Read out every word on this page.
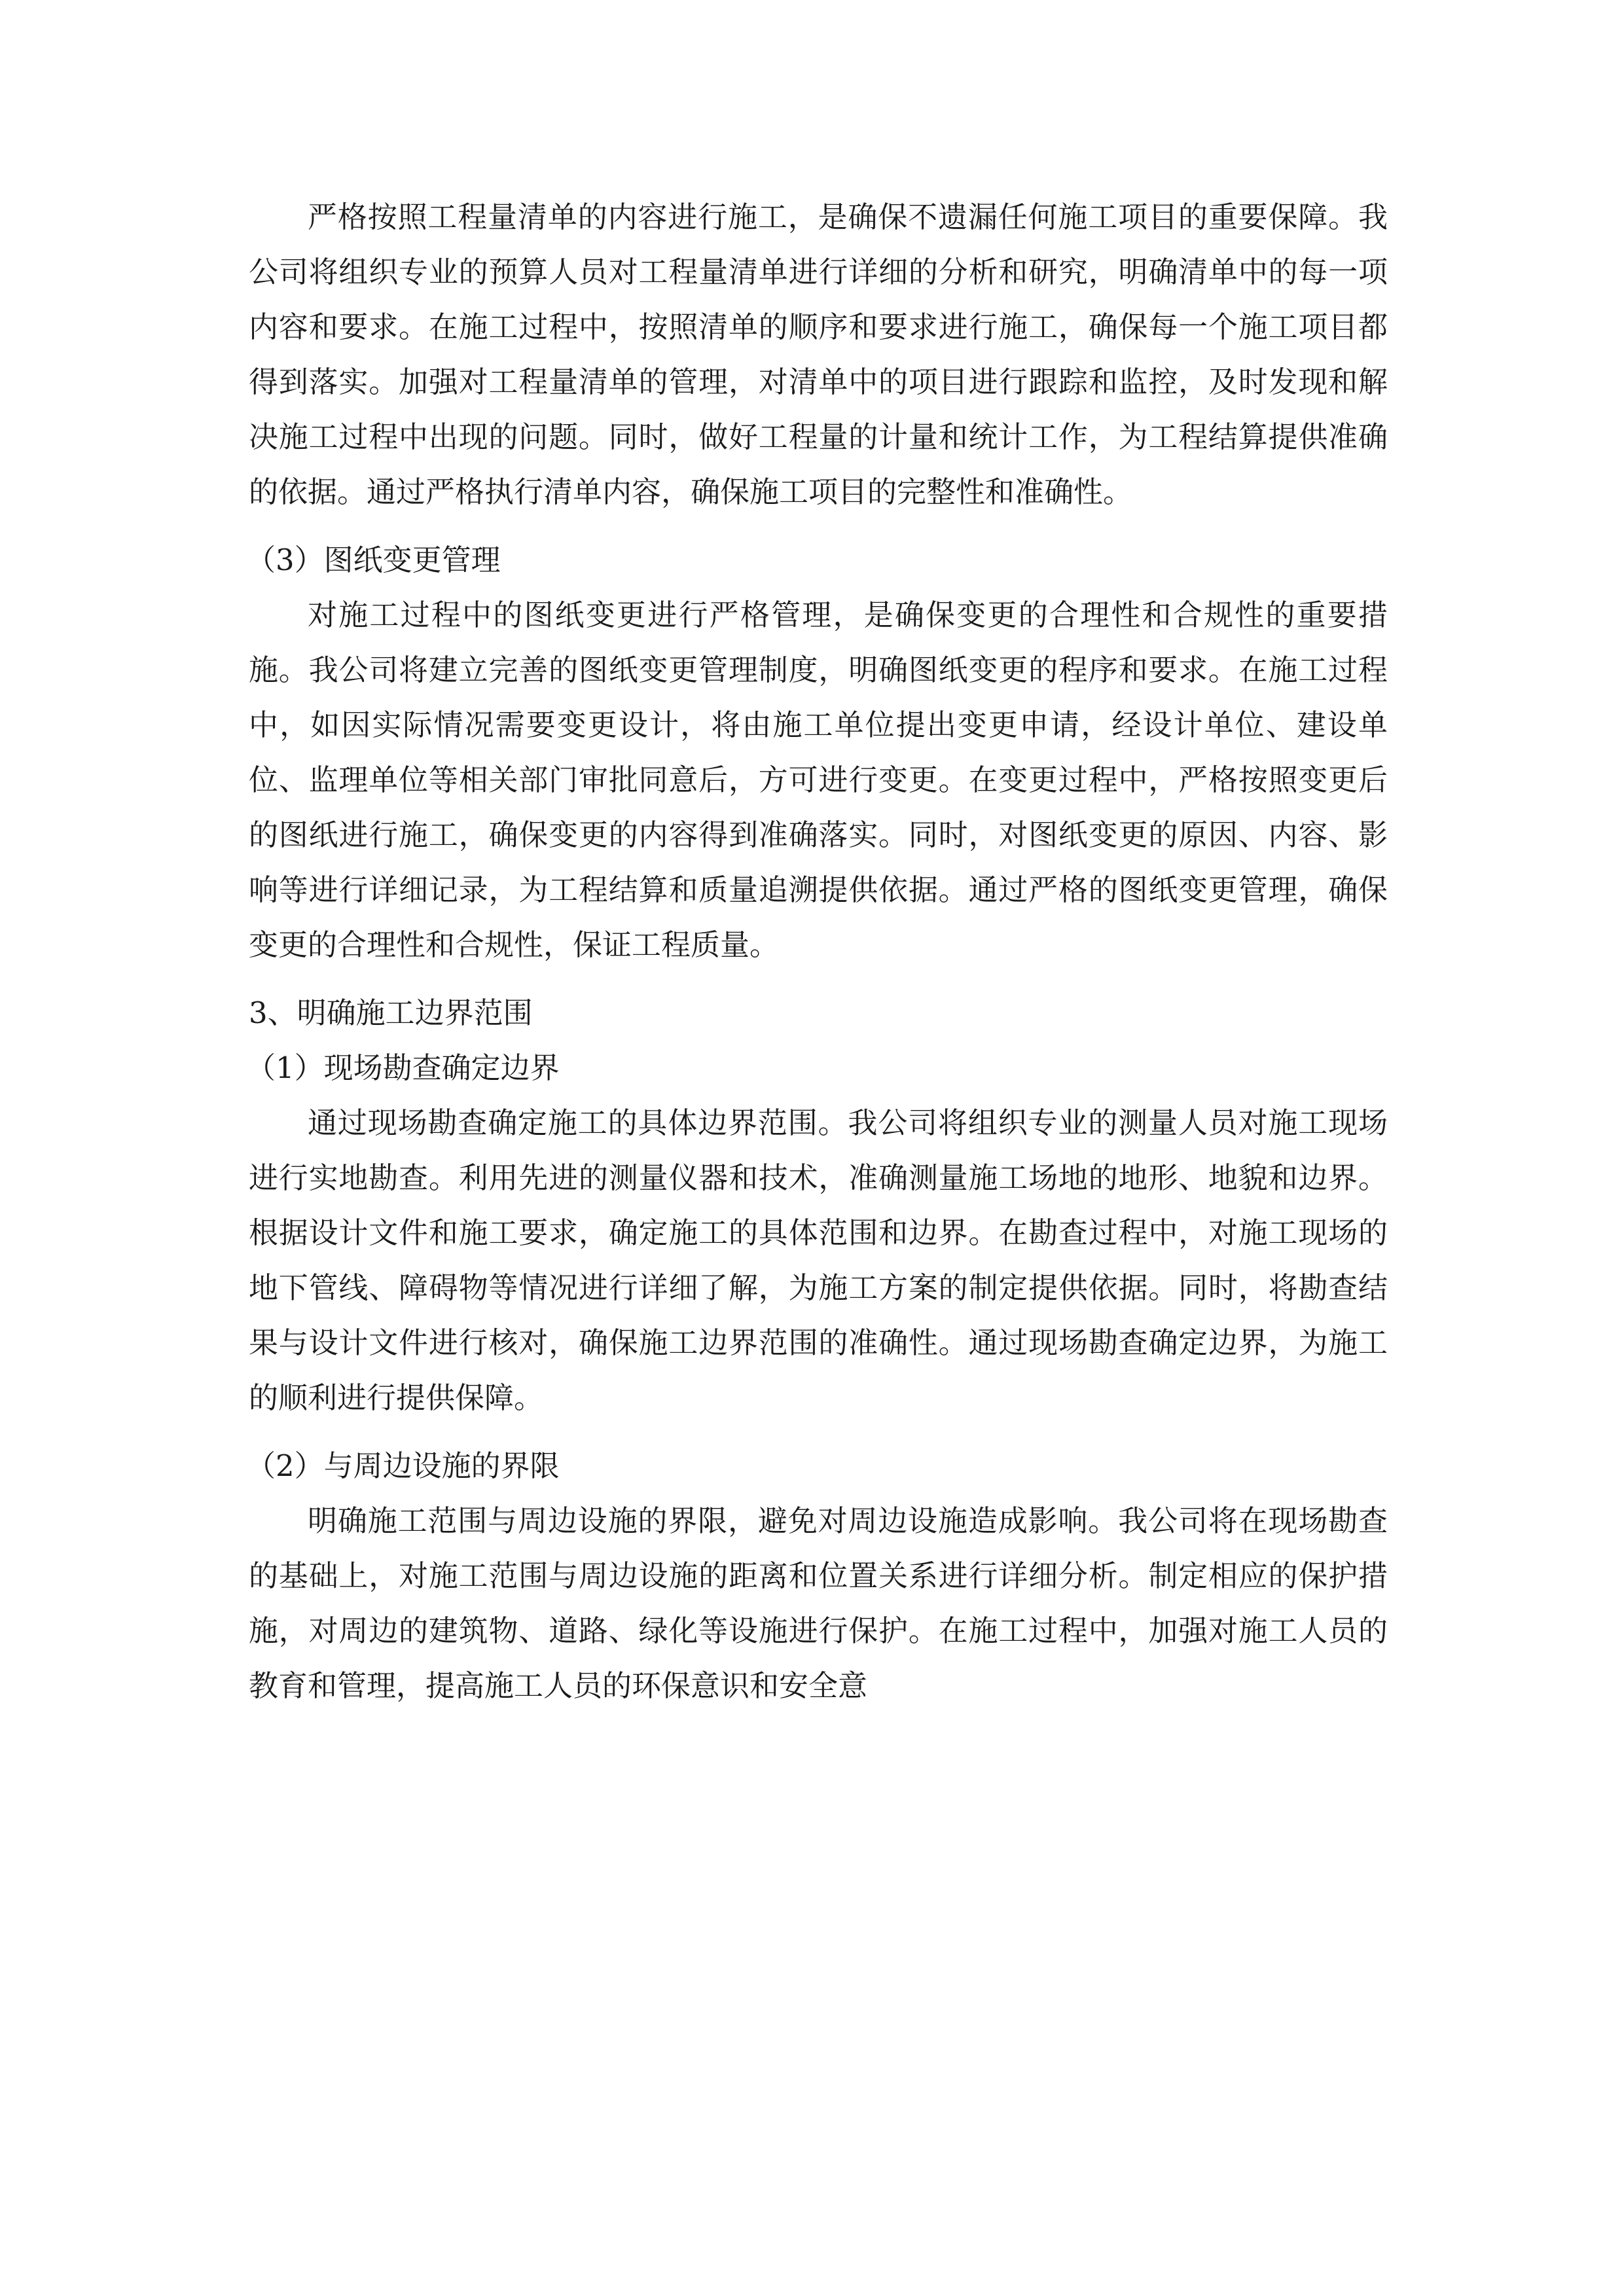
严格按照工程量清单的内容进行施工，是确保不遗漏任何施工项目的重要保障。我公司将组织专业的预算人员对工程量清单进行详细的分析和研究，明确清单中的每一项内容和要求。在施工过程中，按照清单的顺序和要求进行施工，确保每一个施工项目都得到落实。加强对工程量清单的管理，对清单中的项目进行跟踪和监控，及时发现和解决施工过程中出现的问题。同时，做好工程量的计量和统计工作，为工程结算提供准确的依据。通过严格执行清单内容，确保施工项目的完整性和准确性。

（3）图纸变更管理

对施工过程中的图纸变更进行严格管理，是确保变更的合理性和合规性的重要措施。我公司将建立完善的图纸变更管理制度，明确图纸变更的程序和要求。在施工过程中，如因实际情况需要变更设计，将由施工单位提出变更申请，经设计单位、建设单位、监理单位等相关部门审批同意后，方可进行变更。在变更过程中，严格按照变更后的图纸进行施工，确保变更的内容得到准确落实。同时，对图纸变更的原因、内容、影响等进行详细记录，为工程结算和质量追溯提供依据。通过严格的图纸变更管理，确保变更的合理性和合规性，保证工程质量。

3、明确施工边界范围

（1）现场勘查确定边界

通过现场勘查确定施工的具体边界范围。我公司将组织专业的测量人员对施工现场进行实地勘查。利用先进的测量仪器和技术，准确测量施工场地的地形、地貌和边界。根据设计文件和施工要求，确定施工的具体范围和边界。在勘查过程中，对施工现场的地下管线、障碍物等情况进行详细了解，为施工方案的制定提供依据。同时，将勘查结果与设计文件进行核对，确保施工边界范围的准确性。通过现场勘查确定边界，为施工的顺利进行提供保障。

（2）与周边设施的界限

明确施工范围与周边设施的界限，避免对周边设施造成影响。我公司将在现场勘查的基础上，对施工范围与周边设施的距离和位置关系进行详细分析。制定相应的保护措施，对周边的建筑物、道路、绿化等设施进行保护。在施工过程中，加强对施工人员的教育和管理，提高施工人员的环保意识和安全意
